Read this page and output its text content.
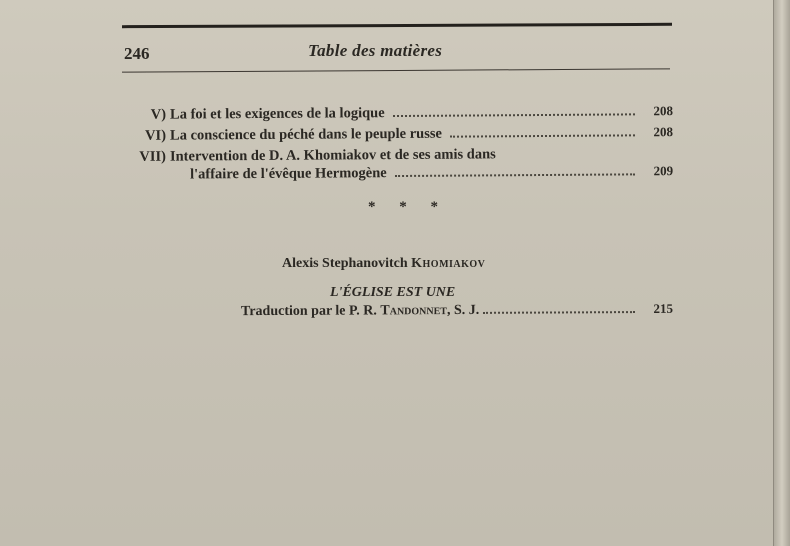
246	Table des matières
V) La foi et les exigences de la logique	208
VI) La conscience du péché dans le peuple russe	208
VII) Intervention de D. A. Khomiakov et de ses amis dans
l'affaire de l'évêque Hermogène	209
* * *
Alexis Stephanovitch Khomiakov
L'ÉGLISE EST UNE
Traduction par le P. R.
Tandonnet , S. J.	215
